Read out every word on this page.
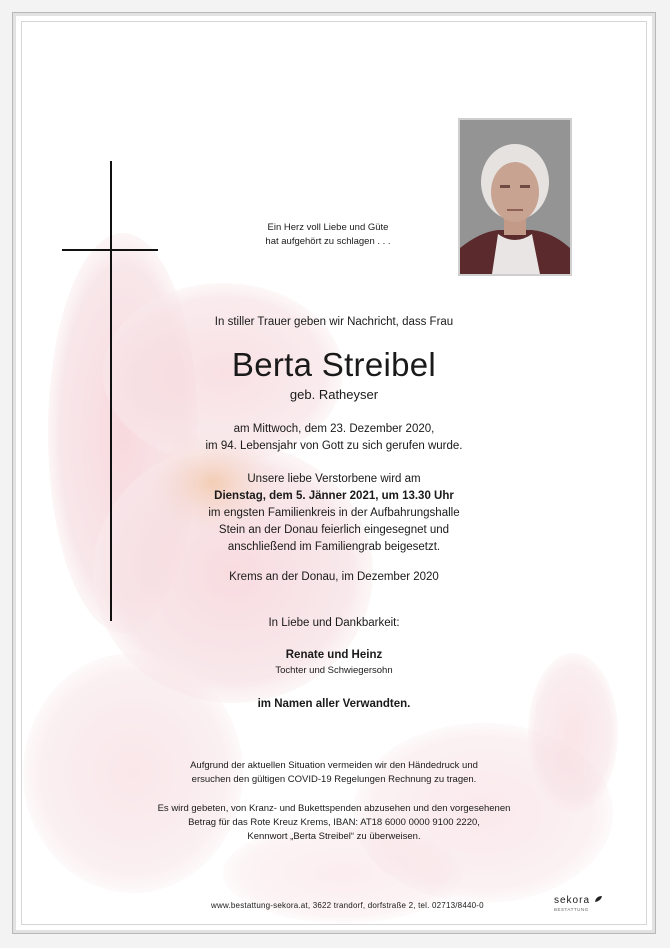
Ein Herz voll Liebe und Güte
hat aufgehört zu schlagen . . .
In stiller Trauer geben wir Nachricht, dass Frau
Berta Streibel
geb. Ratheyser
am Mittwoch, dem 23. Dezember 2020,
im 94. Lebensjahr von Gott zu sich gerufen wurde.
Unsere liebe Verstorbene wird am
Dienstag, dem 5. Jänner 2021, um 13.30 Uhr
im engsten Familienkreis in der Aufbahrungshalle
Stein an der Donau feierlich eingesegnet und
anschließend im Familiengrab beigesetzt.
Krems an der Donau, im Dezember 2020
In Liebe und Dankbarkeit:
Renate und Heinz
Tochter und Schwiegersohn
im Namen aller Verwandten.
Aufgrund der aktuellen Situation vermeiden wir den Händedruck und
ersuchen den gültigen COVID-19 Regelungen Rechnung zu tragen.
Es wird gebeten, von Kranz- und Bukettspenden abzusehen und den vorgesehenen
Betrag für das Rote Kreuz Krems, IBAN: AT18 6000 0000 9100 2220,
Kennwort „Berta Streibel“ zu überweisen.
www.bestattung-sekora.at, 3622 trandorf, dorfstraße 2, tel. 02713/8440-0	sekora
BESTATTUNG
